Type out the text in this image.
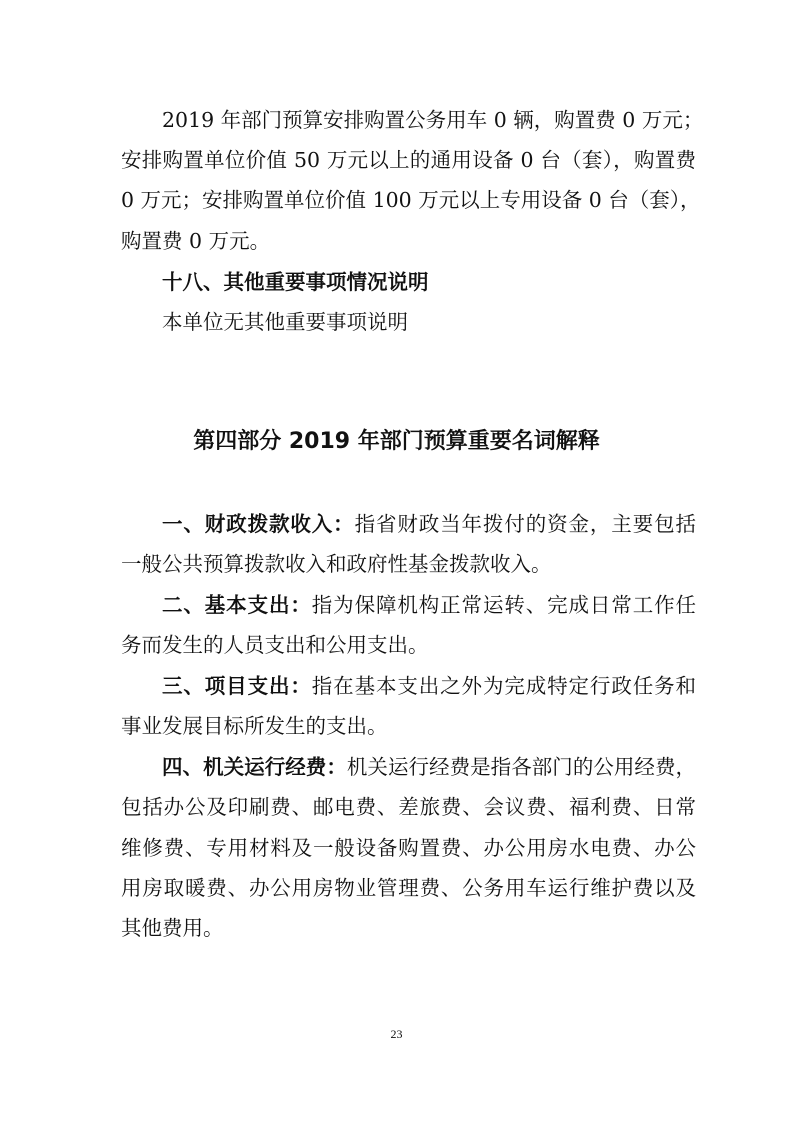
2019 年部门预算安排购置公务用车 0 辆，购置费 0 万元；

安排购置单位价值 50 万元以上的通用设备 0 台（套），购置费

0 万元；安排购置单位价值 100 万元以上专用设备 0 台（套），

购置费 0 万元。

十八、其他重要事项情况说明

本单位无其他重要事项说明

第四部分 2019 年部门预算重要名词解释

一、财政拨款收入：指省财政当年拨付的资金，主要包括

一般公共预算拨款收入和政府性基金拨款收入。

二、基本支出：指为保障机构正常运转、完成日常工作任

务而发生的人员支出和公用支出。

三、项目支出：指在基本支出之外为完成特定行政任务和

事业发展目标所发生的支出。

四、机关运行经费：机关运行经费是指各部门的公用经费，

包括办公及印刷费、邮电费、差旅费、会议费、福利费、日常

维修费、专用材料及一般设备购置费、办公用房水电费、办公

用房取暖费、办公用房物业管理费、公务用车运行维护费以及

其他费用。

23
